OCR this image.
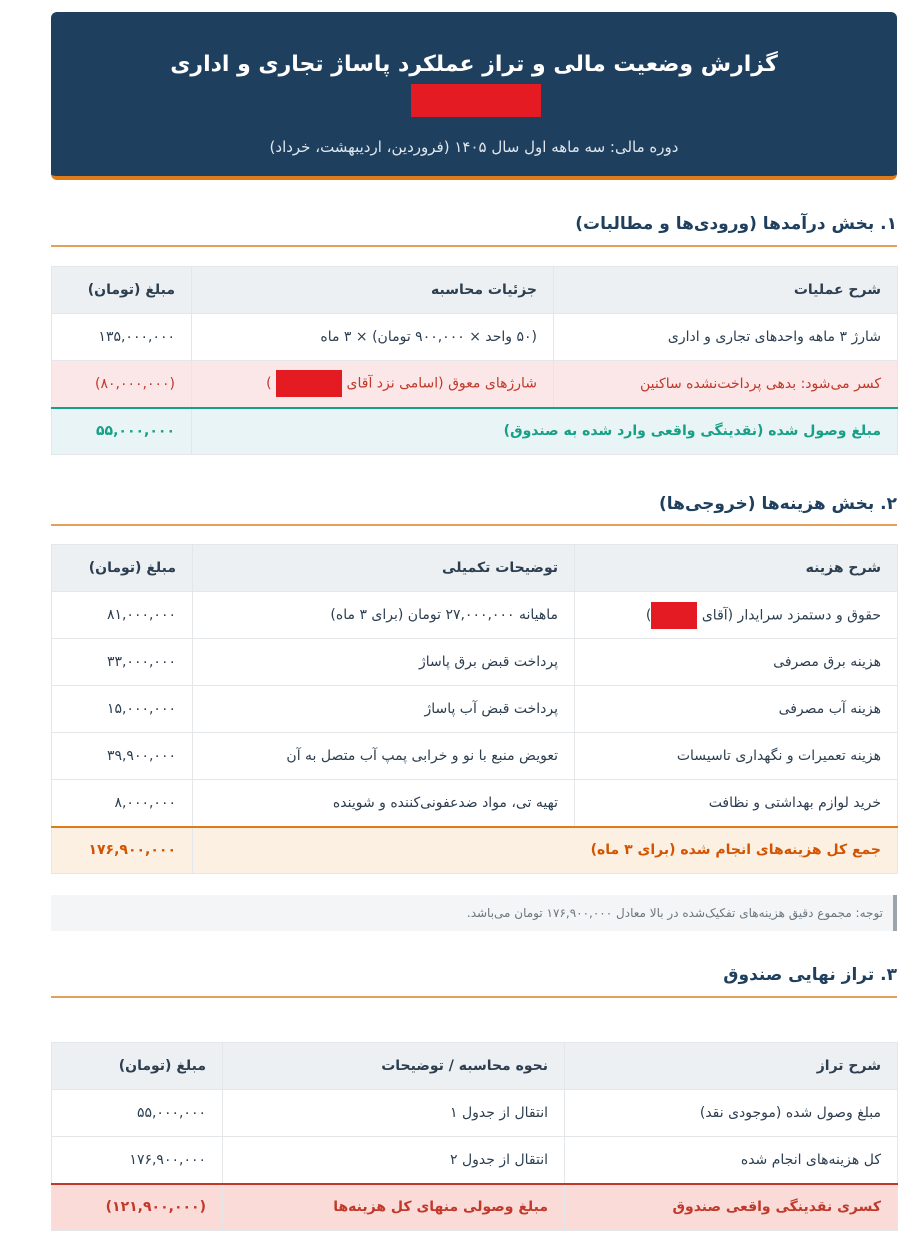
گزارش وضعیت مالی و تراز عملکرد پاساژ تجاری و اداری
دوره مالی: سه ماهه اول سال ۱۴۰۵ (فروردین، اردیبهشت، خرداد)
۱. بخش درآمدها (ورودی‌ها و مطالبات)
شرح عملیات	جزئیات محاسبه	مبلغ (تومان)
شارژ ۳ ماهه واحدهای تجاری و اداری	(۵۰ واحد × ۹۰۰,۰۰۰ تومان) × ۳ ماه	۱۳۵,۰۰۰,۰۰۰
کسر می‌شود: بدهی پرداخت‌نشده ساکنین	شارژهای معوق (اسامی نزد آقای  )	(۸۰,۰۰۰,۰۰۰)
مبلغ وصول شده (نقدینگی واقعی وارد شده به صندوق)		۵۵,۰۰۰,۰۰۰
۲. بخش هزینه‌ها (خروجی‌ها)
شرح هزینه	توضیحات تکمیلی	مبلغ (تومان)
حقوق و دستمزد سرایدار (آقای )	ماهیانه ۲۷,۰۰۰,۰۰۰ تومان (برای ۳ ماه)	۸۱,۰۰۰,۰۰۰
هزینه برق مصرفی	پرداخت قبض برق پاساژ	۳۳,۰۰۰,۰۰۰
هزینه آب مصرفی	پرداخت قبض آب پاساژ	۱۵,۰۰۰,۰۰۰
هزینه تعمیرات و نگهداری تاسیسات	تعویض منبع با نو و خرابی پمپ آب متصل به آن	۳۹,۹۰۰,۰۰۰
خرید لوازم بهداشتی و نظافت	تهیه تی، مواد ضدعفونی‌کننده و شوینده	۸,۰۰۰,۰۰۰
جمع کل هزینه‌های انجام شده (برای ۳ ماه)		۱۷۶,۹۰۰,۰۰۰
توجه: مجموع دقیق هزینه‌های تفکیک‌شده در بالا معادل ۱۷۶,۹۰۰,۰۰۰ تومان می‌باشد.
۳. تراز نهایی صندوق
شرح تراز	نحوه محاسبه / توضیحات	مبلغ (تومان)
مبلغ وصول شده (موجودی نقد)	انتقال از جدول ۱	۵۵,۰۰۰,۰۰۰
کل هزینه‌های انجام شده	انتقال از جدول ۲	۱۷۶,۹۰۰,۰۰۰
کسری نقدینگی واقعی صندوق	مبلغ وصولی منهای کل هزینه‌ها	(۱۲۱,۹۰۰,۰۰۰)
